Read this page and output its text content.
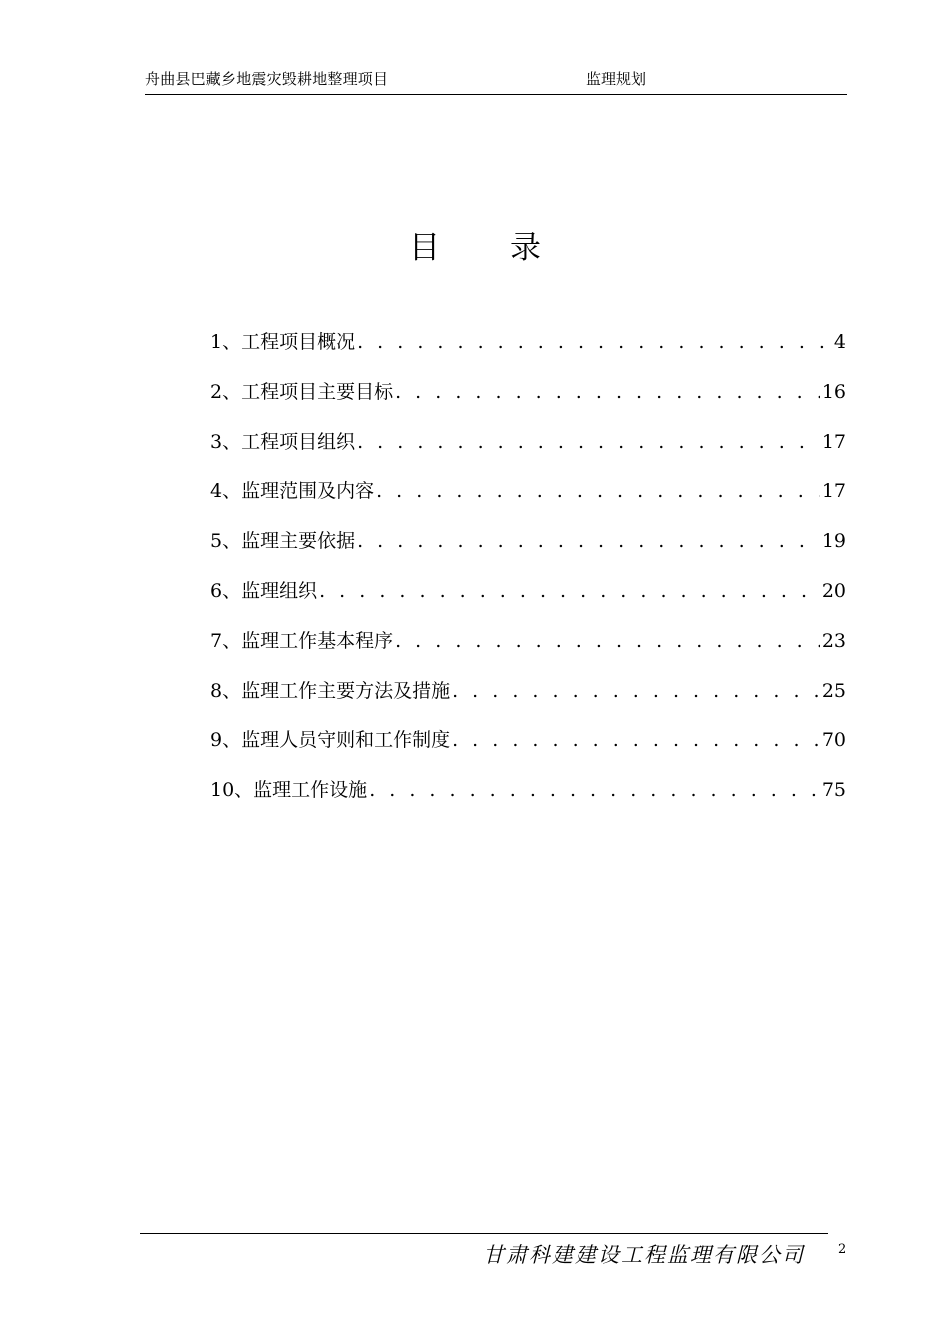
舟曲县巴藏乡地震灾毁耕地整理项目	监理规划
目 录
1、工程项目概况 . . .	4
2、工程项目主要目标 . . .	16
3、工程项目组织 . . .	17
4、监理范围及内容 . . .	17
5、监理主要依据 . . .	19
6、监理组织 . . .	20
7、监理工作基本程序 . . .	23
8、监理工作主要方法及措施 . . .	25
9、监理人员守则和工作制度 . . .	70
10、监理工作设施 . . .	75
甘肃科建建设工程监理有限公司	2
